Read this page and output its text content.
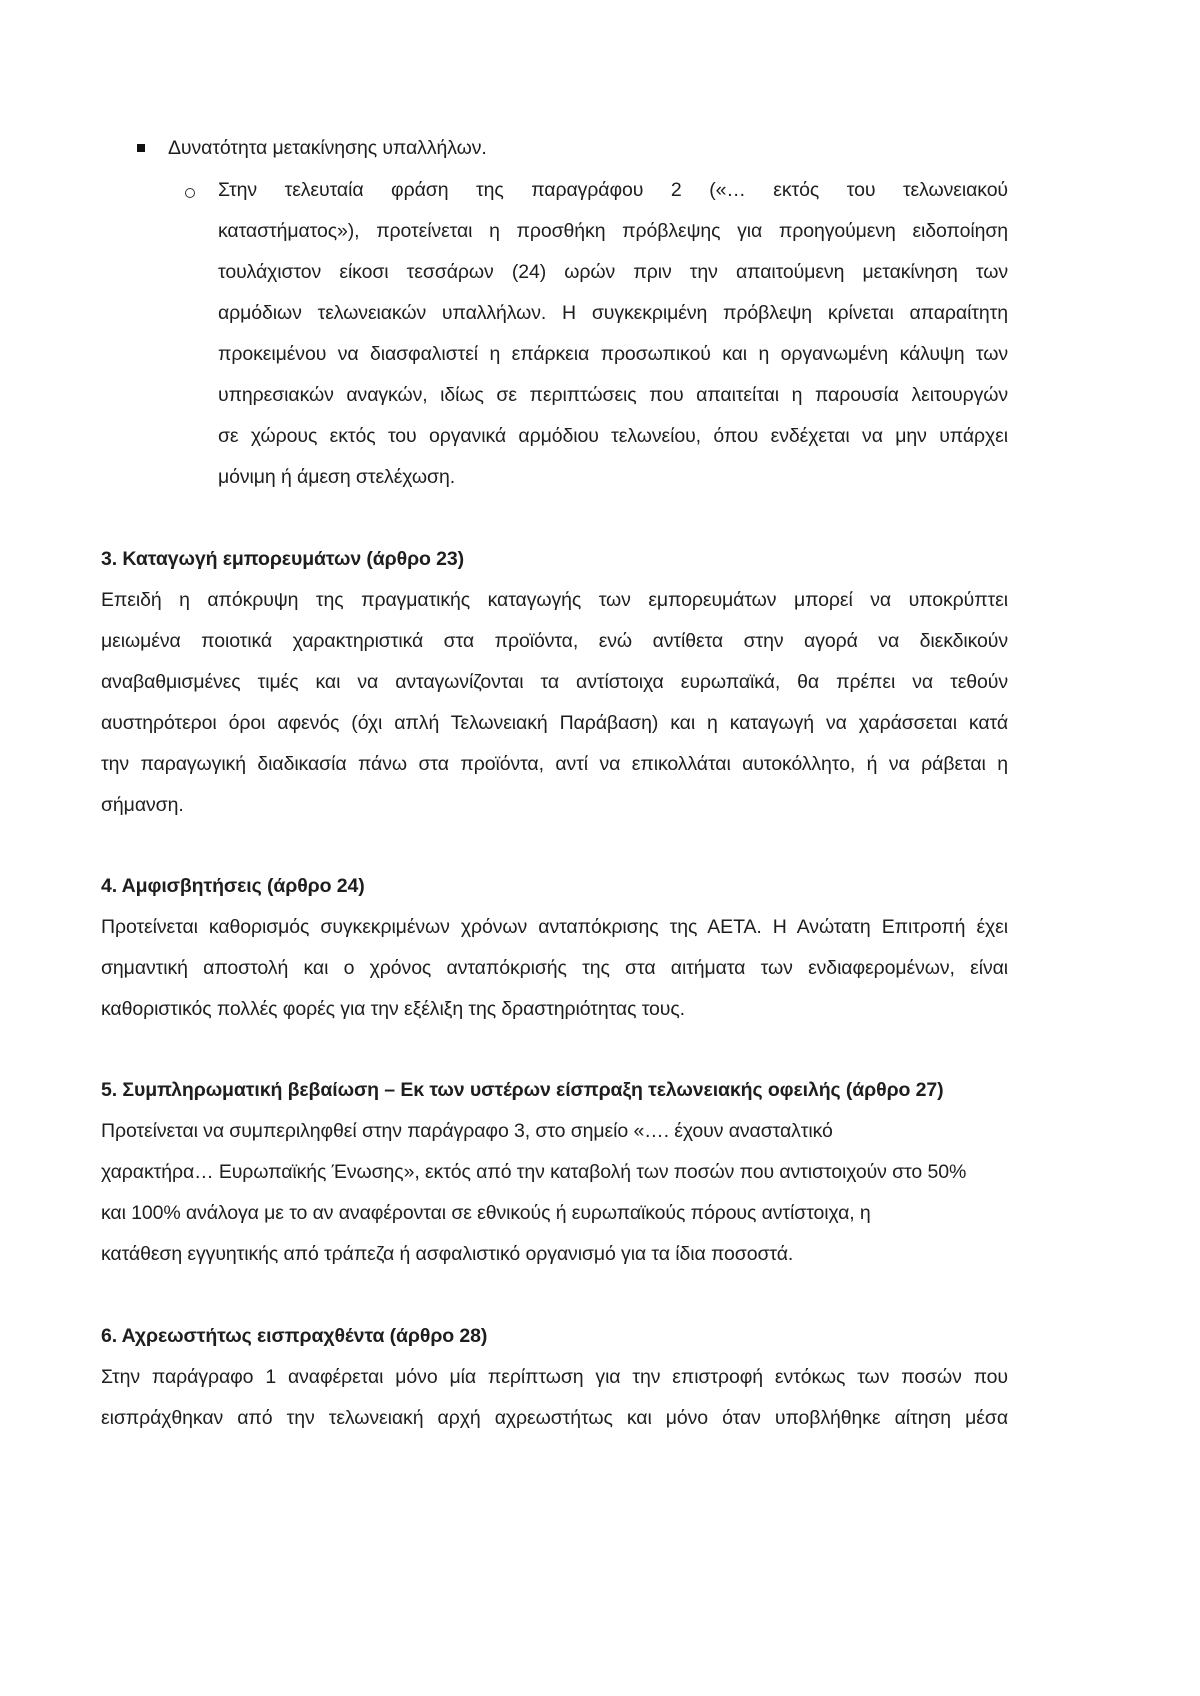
Δυνατότητα μετακίνησης υπαλλήλων.
Στην τελευταία φράση της παραγράφου 2 («… εκτός του τελωνειακού
καταστήματος»), προτείνεται η προσθήκη πρόβλεψης για προηγούμενη ειδοποίηση
τουλάχιστον είκοσι τεσσάρων (24) ωρών πριν την απαιτούμενη μετακίνηση των
αρμόδιων τελωνειακών υπαλλήλων. Η συγκεκριμένη πρόβλεψη κρίνεται απαραίτητη
προκειμένου να διασφαλιστεί η επάρκεια προσωπικού και η οργανωμένη κάλυψη των
υπηρεσιακών αναγκών, ιδίως σε περιπτώσεις που απαιτείται η παρουσία λειτουργών
σε χώρους εκτός του οργανικά αρμόδιου τελωνείου, όπου ενδέχεται να μην υπάρχει
μόνιμη ή άμεση στελέχωση.
3. Καταγωγή εμπορευμάτων (άρθρο 23)
Επειδή η απόκρυψη της πραγματικής καταγωγής των εμπορευμάτων μπορεί να υποκρύπτει
μειωμένα ποιοτικά χαρακτηριστικά στα προϊόντα, ενώ αντίθετα στην αγορά να διεκδικούν
αναβαθμισμένες τιμές και να ανταγωνίζονται τα αντίστοιχα ευρωπαϊκά, θα πρέπει να τεθούν
αυστηρότεροι όροι αφενός (όχι απλή Τελωνειακή Παράβαση) και η καταγωγή να χαράσσεται κατά
την παραγωγική διαδικασία πάνω στα προϊόντα, αντί να επικολλάται αυτοκόλλητο, ή να ράβεται η
σήμανση.
4. Αμφισβητήσεις (άρθρο 24)
Προτείνεται καθορισμός συγκεκριμένων χρόνων ανταπόκρισης της ΑΕΤΑ. Η Ανώτατη Επιτροπή έχει
σημαντική αποστολή και ο χρόνος ανταπόκρισής της στα αιτήματα των ενδιαφερομένων, είναι
καθοριστικός πολλές φορές για την εξέλιξη της δραστηριότητας τους.
5. Συμπληρωματική βεβαίωση – Εκ των υστέρων είσπραξη τελωνειακής οφειλής (άρθρο 27)
Προτείνεται να συμπεριληφθεί στην παράγραφο 3, στο σημείο «…. έχουν ανασταλτικό
χαρακτήρα… Ευρωπαϊκής Ένωσης», εκτός από την καταβολή των ποσών που αντιστοιχούν στο 50%
και 100% ανάλογα με το αν αναφέρονται σε εθνικούς ή ευρωπαϊκούς πόρους αντίστοιχα, η
κατάθεση εγγυητικής από τράπεζα ή ασφαλιστικό οργανισμό για τα ίδια ποσοστά.
6. Αχρεωστήτως εισπραχθέντα (άρθρο 28)
Στην παράγραφο 1 αναφέρεται μόνο μία περίπτωση για την επιστροφή εντόκως των ποσών που
εισπράχθηκαν από την τελωνειακή αρχή αχρεωστήτως και μόνο όταν υποβλήθηκε αίτηση μέσα
